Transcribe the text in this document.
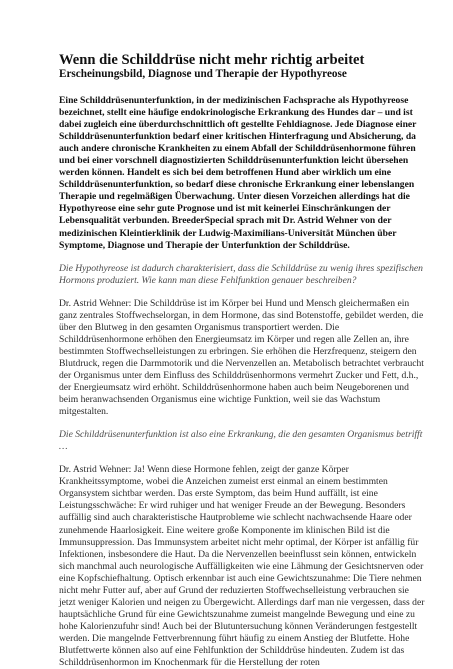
Wenn die Schilddrüse nicht mehr richtig arbeitet
Erscheinungsbild, Diagnose und Therapie der Hypothyreose

Eine Schilddrüsenunterfunktion, in der medizinischen Fachsprache als Hypothyreose bezeichnet, stellt eine häufige endokrinologische Erkrankung des Hundes dar – und ist dabei zugleich eine überdurchschnittlich oft gestellte Fehldiagnose. Jede Diagnose einer Schilddrüsenunterfunktion bedarf einer kritischen Hinterfragung und Absicherung, da auch andere chronische Krankheiten zu einem Abfall der Schilddrüsenhormone führen und bei einer vorschnell diagnostizierten Schilddrüsenunterfunktion leicht übersehen werden können. Handelt es sich bei dem betroffenen Hund aber wirklich um eine Schilddrüsenunterfunktion, so bedarf diese chronische Erkrankung einer lebenslangen Therapie und regelmäßigen Überwachung. Unter diesen Vorzeichen allerdings hat die Hypothyreose eine sehr gute Prognose und ist mit keinerlei Einschränkungen der Lebensqualität verbunden. BreederSpecial sprach mit Dr. Astrid Wehner von der medizinischen Kleintierklinik der Ludwig-Maximilians-Universität München über Symptome, Diagnose und Therapie der Unterfunktion der Schilddrüse.

Die Hypothyreose ist dadurch charakterisiert, dass die Schilddrüse zu wenig ihres spezifischen Hormons produziert. Wie kann man diese Fehlfunktion genauer beschreiben?

Dr. Astrid Wehner: Die Schilddrüse ist im Körper bei Hund und Mensch gleichermaßen ein ganz zentrales Stoffwechselorgan, in dem Hormone, das sind Botenstoffe, gebildet werden, die über den Blutweg in den gesamten Organismus transportiert werden. Die Schilddrüsenhormone erhöhen den Energieumsatz im Körper und regen alle Zellen an, ihre bestimmten Stoffwechselleistungen zu erbringen. Sie erhöhen die Herzfrequenz, steigern den Blutdruck, regen die Darmmotorik und die Nervenzellen an. Metabolisch betrachtet verbraucht der Organismus unter dem Einfluss des Schilddrüsenhormons vermehrt Zucker und Fett, d.h., der Energieumsatz wird erhöht. Schilddrüsenhormone haben auch beim Neugeborenen und beim heranwachsenden Organismus eine wichtige Funktion, weil sie das Wachstum mitgestalten.

Die Schilddrüsenunterfunktion ist also eine Erkrankung, die den gesamten Organismus betrifft …

Dr. Astrid Wehner: Ja! Wenn diese Hormone fehlen, zeigt der ganze Körper Krankheitssymptome, wobei die Anzeichen zumeist erst einmal an einem bestimmten Organsystem sichtbar werden. Das erste Symptom, das beim Hund auffällt, ist eine Leistungsschwäche: Er wird ruhiger und hat weniger Freude an der Bewegung. Besonders auffällig sind auch charakteristische Hautprobleme wie schlecht nachwachsende Haare oder zunehmende Haarlosigkeit. Eine weitere große Komponente im klinischen Bild ist die Immunsuppression. Das Immunsystem arbeitet nicht mehr optimal, der Körper ist anfällig für Infektionen, insbesondere die Haut. Da die Nervenzellen beeinflusst sein können, entwickeln sich manchmal auch neurologische Auffälligkeiten wie eine Lähmung der Gesichtsnerven oder eine Kopfschiefhaltung. Optisch erkennbar ist auch eine Gewichtszunahme: Die Tiere nehmen nicht mehr Futter auf, aber auf Grund der reduzierten Stoffwechselleistung verbrauchen sie jetzt weniger Kalorien und neigen zu Übergewicht. Allerdings darf man nie vergessen, dass der hauptsächliche Grund für eine Gewichtszunahme zumeist mangelnde Bewegung und eine zu hohe Kalorienzufuhr sind! Auch bei der Blutuntersuchung können Veränderungen festgestellt werden. Die mangelnde Fettverbrennung führt häufig zu einem Anstieg der Blutfette. Hohe Blutfettwerte können also auf eine Fehlfunktion der Schilddrüse hindeuten. Zudem ist das Schilddrüsenhormon im Knochenmark für die Herstellung der roten
